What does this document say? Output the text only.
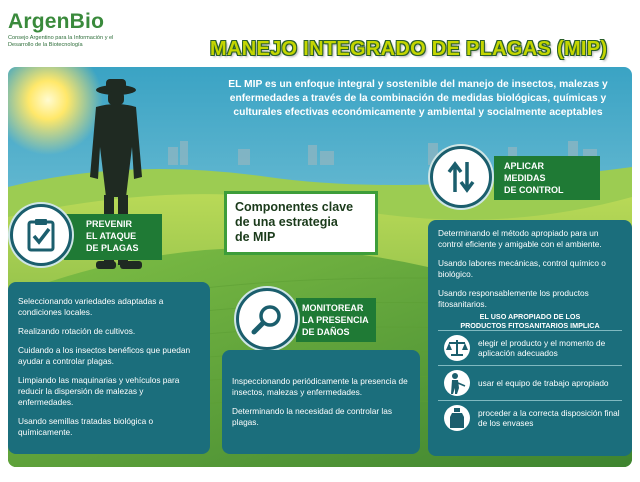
ArgenBio
Consejo Argentino para la Información y el Desarrollo de la Biotecnología	MANEJO INTEGRADO DE PLAGAS (MIP)
EL MIP es un enfoque integral y sostenible del manejo de insectos, malezas y enfermedades a través de la combinación de medidas biológicas, químicas y culturales efectivas económicamente y ambiental y socialmente aceptables
Componentes clave
de una estrategia
de MIP
PREVENIR
EL ATAQUE
DE PLAGAS

Seleccionando variedades adaptadas a condiciones locales.

Realizando rotación de cultivos.

Cuidando a los insectos benéficos que puedan ayudar a controlar plagas.

Limpiando las maquinarias y vehículos para reducir la dispersión de malezas y enfermedades.

Usando semillas tratadas biológica o químicamente.

MONITOREAR
LA PRESENCIA
DE DAÑOS

Inspeccionando periódicamente la presencia de insectos, malezas y enfermedades.

Determinando la necesidad de controlar las plagas.

APLICAR
MEDIDAS
DE CONTROL

Determinando el método apropiado para un control eficiente y amigable con el ambiente.

Usando labores mecánicas, control químico o biológico.

Usando responsablemente los productos fitosanitarios.

EL USO APROPIADO DE LOS
PRODUCTOS FITOSANITARIOS IMPLICA
elegir el producto y el momento de aplicación adecuados
usar el equipo de trabajo apropiado
proceder a la correcta disposición final de los envases
